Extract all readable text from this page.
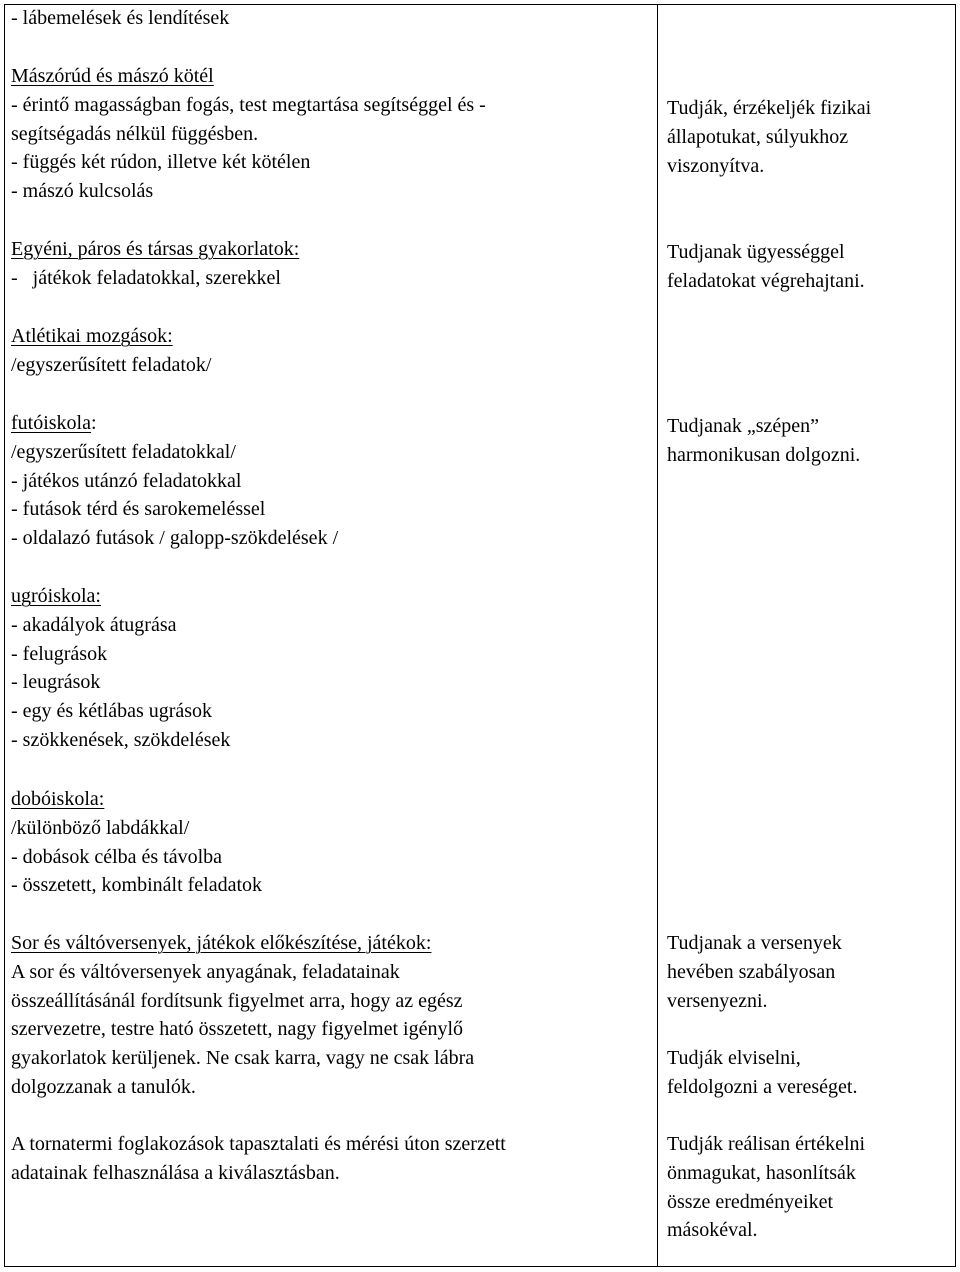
- lábemelések és lendítések
Mászórúd és mászó kötél
- érintő magasságban fogás, test megtartása segítséggel és -
segítségadás nélkül függésben.
- függés két rúdon, illetve két kötélen
- mászó kulcsolás
Egyéni, páros és társas gyakorlatok:
-   játékok feladatokkal, szerekkel
Atlétikai mozgások:
/egyszerűsített feladatok/
futóiskola:
/egyszerűsített feladatokkal/
- játékos utánzó feladatokkal
- futások térd és sarokemeléssel
- oldalazó futások / galopp-szökdelések /
ugróiskola:
- akadályok átugrása
- felugrások
- leugrások
- egy és kétlábas ugrások
- szökkenések, szökdelések
dobóiskola:
/különböző labdákkal/
- dobások célba és távolba
- összetett, kombinált feladatok
Sor és váltóversenyek, játékok előkészítése, játékok:
A sor és váltóversenyek anyagának, feladatainak
összeállításánál fordítsunk figyelmet arra, hogy az egész
szervezetre, testre ható összetett, nagy figyelmet igénylő
gyakorlatok kerüljenek. Ne csak karra, vagy ne csak lábra
dolgozzanak a tanulók.
A tornatermi foglakozások tapasztalati és mérési úton szerzett
adatainak felhasználása a kiválasztásban.
Tudják, érzékeljék fizikai
állapotukat, súlyukhoz
viszonyítva.
Tudjanak ügyességgel
feladatokat végrehajtani.
Tudjanak „szépen”
harmonikusan dolgozni.
Tudjanak a versenyek
hevében szabályosan
versenyezni.
Tudják elviselni,
feldolgozni a vereséget.
Tudják reálisan értékelni
önmagukat, hasonlítsák
össze eredményeiket
másokéval.
